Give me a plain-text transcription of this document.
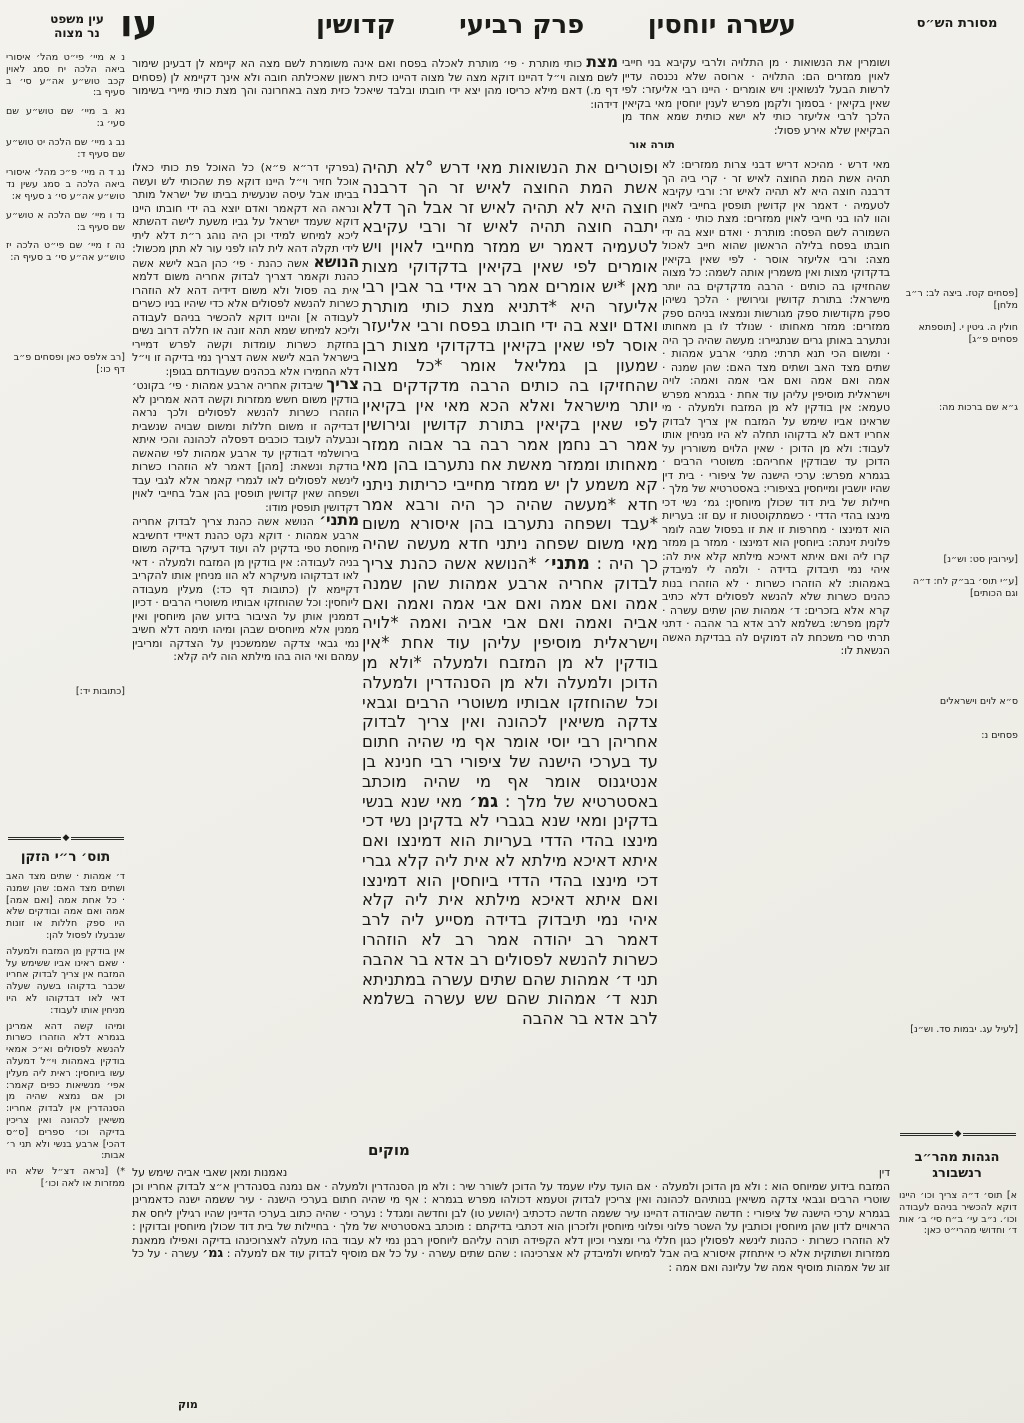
עין משפט
נר מצוה עו	עשרה יוחסין
פרק רביעי
קדושין	מסורת הש״ס

נ א מיי׳ פי״ט מהל׳ איסורי ביאה הלכה יח סמג לאוין קכב טוש״ע אה״ע סי׳ ב סעיף ב:

נא ב מיי׳ שם טוש״ע שם סעי׳ ג:

נב ג מיי׳ שם הלכה יט טוש״ע שם סעיף ד:

נג ד ה מיי׳ פ״כ מהל׳ איסורי ביאה הלכה ב סמג עשין נד טוש״ע אה״ע סי׳ ג סעיף א:

נד ו מיי׳ שם הלכה א טוש״ע שם סעיף ב:

נה ז מיי׳ שם פי״ט הלכה יז טוש״ע אה״ע סי׳ ב סעיף ה:

[רב אלפס כאן ופסחים פ״ב דף כו:]
[כתובות יד:]
◆
תוס׳ ר״י הזקן

ד׳ אמהות · שתים מצד האב ושתים מצד האם: שהן שמנה · כל אחת אמה [ואם אמה] אמה ואם אמה ובודקים שלא היו ספק חללות או זונות שנבעלו לפסול להן:

אין בודקין מן המזבח ולמעלה · שאם ראינו אביו ששימש על המזבח אין צריך לבדוק אחריו שכבר בדקוהו בשעה שעלה דאי לאו דבדקוהו לא היו מניחין אותו לעבוד:

ומיהו קשה דהא אמרינן בגמרא דלא הוזהרו כשרות להנשא לפסולים וא״כ אמאי בודקין באמהות וי״ל דמעלה עשו ביוחסין: ראית ליה מעלין אפי׳ מנשיאות כפים קאמר: וכן אם נמצא שהיה מן הסנהדרין אין לבדוק אחריו: משיאין לכהונה ואין צריכין בדיקה וכו׳ ספרים [ס״ס דהכי] ארבע בנשי ולא תני ר׳ אבות:

*) [נראה דצ״ל שלא היו ממזרות או לאה וכו׳]

[פסחים קטז. ביצה לב: ר״ב מלחן]
חולין ה. גיטין י. [תוספתא פסחים פ״ג]
ג״א שם ברכות מה:
[עירובין סט: וש״נ]
[ע״י תוס׳ בב״ק לח: ד״ה וגם הכותים]
ס״א לוים וישראלים
פסחים נ:
[לעיל עג. יבמות סד. וש״נ]
◆
הגהות מהר״ב רנשבורג
א] תוס׳ ד״ה צריך וכו׳ היינו דוקא להכשיר בניהם לעבודה וכו׳. נ״ב עי׳ ב״ח סי׳ ב׳ אות ד׳ וחדושי מהרי״ט כאן:
מצת כותי מותרת · פי׳ מותרת לאכלה בפסח ואם אינה משומרת לשם מצה הא קיימא לן דבעינן שימור לשם מצוה וי״ל דהיינו דוקא מצה של מצוה דהיינו כזית ראשון שאכילתה חובה ולא אינך דקיימא לן (פסחים דף מ.) דאם מילא כריסו מהן יצא ידי חובתו ובלבד שיאכל כזית מצה באחרונה והך מצת כותי מיירי בשימור דידהו:
ושומרין את הנשואות · מן התלויה ולרבי עקיבא בני חייבי לאוין ממזרים הם: התלויה · ארוסה שלא נכנסה עדיין לרשות הבעל לנשואין: ויש אומרים · היינו רבי אליעזר: לפי שאין בקיאין · בסמוך ולקמן מפרש לענין יוחסין מאי בקיאין הלכך לרבי אליעזר כותי לא ישא כותית שמא אחד מן הבקיאין שלא אירע פסול:
תורה אור

(בפרקי דר״א פ״א) כל האוכל פת כותי כאלו אוכל חזיר וי״ל היינו דוקא פת שהכותי לש ועשה בביתו אבל עיסה שנעשית בביתו של ישראל מותר ונראה הא דקאמר ואדם יוצא בה ידי חובתו היינו דוקא שעמד ישראל על גביו משעת לישה דהשתא ליכא למיחש למידי וכן היה נוהג ר״ת דלא ליתי לידי תקלה דהא לית להו לפני עור לא תתן מכשול:

הנושא אשה כהנת · פי׳ כהן הבא לישא אשה כהנת וקאמר דצריך לבדוק אחריה משום דלמא אית בה פסול ולא משום דידיה דהא לא הוזהרו כשרות להנשא לפסולים אלא כדי שיהיו בניו כשרים לעבודה א] והיינו דוקא להכשיר בניהם לעבודה וליכא למיחש שמא תהא זונה או חללה דרוב נשים בחזקת כשרות עומדות וקשה לפרש דמיירי בישראל הבא לישא אשה דצריך נמי בדיקה זו וי״ל דלא החמירו אלא בכהנים שעבודתם בגופן:

צריך שיבדוק אחריה ארבע אמהות · פי׳ בקונט׳ בודקין משום חשש ממזרות וקשה דהא אמרינן לא הוזהרו כשרות להנשא לפסולים ולכך נראה דבדיקה זו משום חללות ומשום שבויה שנשבית ונבעלה לעובד כוכבים דפסלה לכהונה והכי איתא בירושלמי דבודקין עד ארבע אמהות לפי שהאשה בודקת ונשאת: [מהן] דאמר לא הוזהרו כשרות לינשא לפסולים לאו לגמרי קאמר אלא לגבי עבד ושפחה שאין קדושין תופסין בהן אבל בחייבי לאוין דקדושין תופסין מודו:

מתני׳ הנושא אשה כהנת צריך לבדוק אחריה ארבע אמהות · דוקא נקט כהנת דאיידי דחשיבא מיוחסת טפי בדקינן לה ועוד דעיקר בדיקה משום בניה לעבודה: אין בודקין מן המזבח ולמעלה · דאי לאו דבדקוהו מעיקרא לא הוו מניחין אותו להקריב דקיימא לן (כתובות דף כד:) מעלין מעבודה ליוחסין: וכל שהוחזקו אבותיו משוטרי הרבים · דכיון דממנין אותן על הציבור בידוע שהן מיוחסין ואין ממנין אלא מיוחסים שבהן ומיהו תימה דלא חשיב נמי גבאי צדקה שממשכנין על הצדקה ומריבין עמהם ואי הוה בהו מילתא הוה ליה קלא:

ופוטרים את הנשואות מאי דרש °לא תהיה אשת המת החוצה לאיש זר הך דרבנה חוצה היא לא תהיה לאיש זר אבל הך דלא יתבה חוצה תהיה לאיש זר ורבי עקיבא לטעמיה דאמר יש ממזר מחייבי לאוין ויש אומרים לפי שאין בקיאין בדקדוקי מצות מאן *יש אומרים אמר רב אידי בר אבין רבי אליעזר היא *דתניא מצת כותי מותרת ואדם יוצא בה ידי חובתו בפסח ורבי אליעזר אוסר לפי שאין בקיאין בדקדוקי מצות רבן שמעון בן גמליאל אומר *כל מצוה שהחזיקו בה כותים הרבה מדקדקים בה יותר מישראל ואלא הכא מאי אין בקיאין לפי שאין בקיאין בתורת קדושין וגירושין אמר רב נחמן אמר רבה בר אבוה ממזר מאחותו וממזר מאשת אח נתערבו בהן מאי קא משמע לן יש ממזר מחייבי כריתות ניתני חדא *מעשה שהיה כך היה ורבא אמר *עבד ושפחה נתערבו בהן איסורא משום מאי משום שפחה ניתני חדא מעשה שהיה כך היה : מתני׳ *הנושא אשה כהנת צריך לבדוק אחריה ארבע אמהות שהן שמנה אמה ואם אמה ואם אבי אמה ואמה ואם אביה ואמה ואם אבי אביה ואמה *לויה וישראלית מוסיפין עליהן עוד אחת *אין בודקין לא מן המזבח ולמעלה *ולא מן הדוכן ולמעלה ולא מן הסנהדרין ולמעלה וכל שהוחזקו אבותיו משוטרי הרבים וגבאי צדקה משיאין לכהונה ואין צריך לבדוק אחריהן רבי יוסי אומר אף מי שהיה חתום עד בערכי הישנה של ציפורי רבי חנינא בן אנטיגנוס אומר אף מי שהיה מוכתב באסטרטיא של מלך : גמ׳ מאי שנא בנשי בדקינן ומאי שנא בגברי לא בדקינן נשי דכי מינצו בהדי הדדי בעריות הוא דמינצו ואם איתא דאיכא מילתא לא אית ליה קלא גברי דכי מינצו בהדי הדדי ביוחסין הוא דמינצו ואם איתא דאיכא מילתא אית ליה קלא איהי נמי תיבדוק בדידה מסייע ליה לרב דאמר רב יהודה אמר רב לא הוזהרו כשרות להנשא לפסולים רב אדא בר אהבה תני ד׳ אמהות שהם שתים עשרה במתניתא תנא ד׳ אמהות שהם שש עשרה בשלמא לרב אדא בר אהבה
מוקים
מאי דרש · מהיכא דריש דבני צרות ממזרים: לא תהיה אשת המת החוצה לאיש זר · קרי ביה הך דרבנה חוצה היא לא תהיה לאיש זר: ורבי עקיבא לטעמיה · דאמר אין קדושין תופסין בחייבי לאוין והוו להו בני חייבי לאוין ממזרים: מצת כותי · מצה השמורה לשם הפסח: מותרת · ואדם יוצא בה ידי חובתו בפסח בלילה הראשון שהוא חייב לאכול מצה: ורבי אליעזר אוסר · לפי שאין בקיאין בדקדוקי מצות ואין משמרין אותה לשמה: כל מצוה שהחזיקו בה כותים · הרבה מדקדקים בה יותר מישראל: בתורת קדושין וגירושין · הלכך נשיהן ספק מקודשות ספק מגורשות ונמצאו בניהם ספק ממזרים: ממזר מאחותו · שנולד לו בן מאחותו ונתערב באותן גרים שנתגיירו: מעשה שהיה כך היה · ומשום הכי תנא תרתי: מתני׳ ארבע אמהות · שתים מצד האב ושתים מצד האם: שהן שמנה · אמה ואם אמה ואם אבי אמה ואמה: לויה וישראלית מוסיפין עליהן עוד אחת · בגמרא מפרש טעמא: אין בודקין לא מן המזבח ולמעלה · מי שראינו אביו שימש על המזבח אין צריך לבדוק אחריו דאם לא בדקוהו תחלה לא היו מניחין אותו לעבוד: ולא מן הדוכן · שאין הלוים משוררין על הדוכן עד שבודקין אחריהם: משוטרי הרבים · בגמרא מפרש: ערכי הישנה של ציפורי · בית דין שהיו יושבין ומייחסין בציפורי: באסטרטיא של מלך · חיילות של בית דוד שכולן מיוחסין: גמ׳ נשי דכי מינצו בהדי הדדי · כשמתקוטטות זו עם זו: בעריות הוא דמינצו · מחרפות זו את זו בפסול שבה לומר פלונית זינתה: ביוחסין הוא דמינצו · ממזר בן ממזר קרו ליה ואם איתא דאיכא מילתא קלא אית לה: איהי נמי תיבדוק בדידה · ולמה לי למיבדק באמהות: לא הוזהרו כשרות · לא הוזהרו בנות כהנים כשרות שלא להנשא לפסולים דלא כתיב קרא אלא בזכרים: ד׳ אמהות שהן שתים עשרה · לקמן מפרש: בשלמא לרב אדא בר אהבה · דתני תרתי סרי משכחת לה דמוקים לה בבדיקת האשה הנשאת לו:
דין
נאמנות ומאן שאבי אביה שימש על
המזבח בידוע שמיוחס הוא : ולא מן הדוכן ולמעלה · אם הועד עליו שעמד על הדוכן לשורר שיר : ולא מן הסנהדרין ולמעלה · אם נמנה בסנהדרין א״צ לבדוק אחריו וכן שוטרי הרבים וגבאי צדקה משיאין בנותיהם לכהונה ואין צריכין לבדוק וטעמא דכולהו מפרש בגמרא : אף מי שהיה חתום בערכי הישנה · עיר ששמה ישנה כדאמרינן בגמרא ערכי הישנה של ציפורי : חדשה שביהודה דהיינו עיר ששמה חדשה כדכתיב (יהושע טו) לבן וחדשה ומגדל : נערכי · שהיה כתוב בערכי הדיינין שהיו רגילין ליחס את הראויים לדון שהן מיוחסין וכותבין על השטר פלוני ופלוני מיוחסין ולזכרון הוא דכתבי בדיקתם : מוכתב באסטרטיא של מלך · בחיילות של בית דוד שכולן מיוחסין ובדוקין : לא הוזהרו כשרות · כהנות לינשא לפסולין כגון חללי גרי ומצרי וכיון דלא הקפידה תורה עליהם ליוחסין רבנן נמי לא עבוד בהו מעלה לאצרוכינהו בדיקה ואפילו ממאנת ממזרות ושתוקית אלא כי איתחזק איסורא ביה אבל למיחש ולמיבדק לא אצרכינהו : שהם שתים עשרה · על כל אם מוסיף לבדוק עוד אם למעלה : גמ׳ עשרה · על כל זוג של אמהות מוסיף אמה של עליונה ואם אמה :
מוק
